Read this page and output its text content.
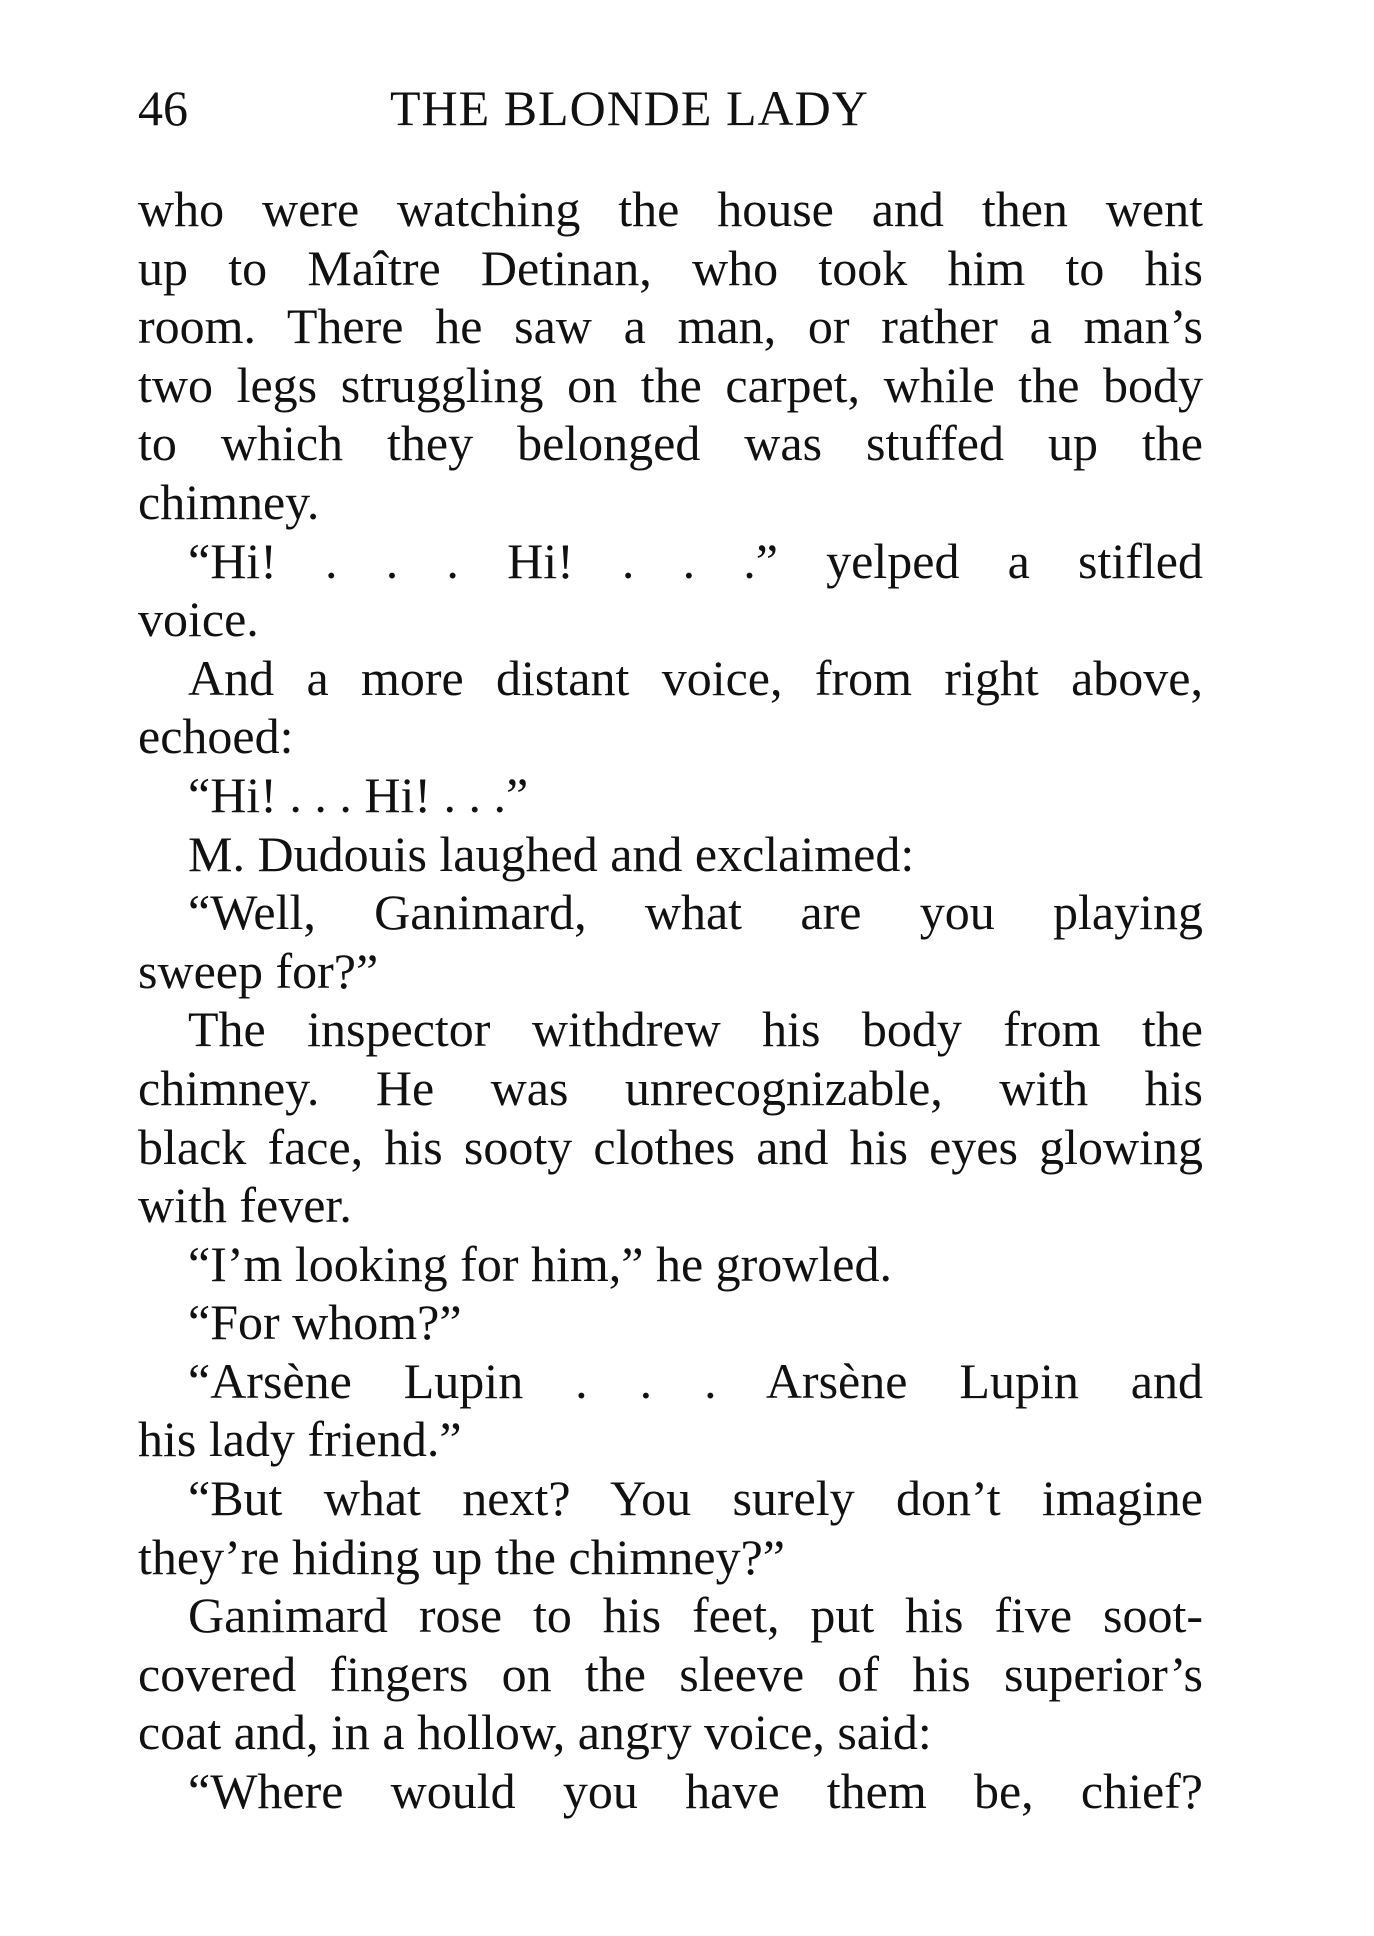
46	THE BLONDE LADY
who were watching the house and then went
up to Maître Detinan, who took him to his
room. There he saw a man, or rather a man’s
two legs struggling on the carpet, while the body
to which they belonged was stuffed up the
chimney.
“Hi! . . . Hi! . . .” yelped a stifled
voice.
And a more distant voice, from right above,
echoed:
“Hi! . . . Hi! . . .”
M. Dudouis laughed and exclaimed:
“Well, Ganimard, what are you playing
sweep for?”
The inspector withdrew his body from the
chimney. He was unrecognizable, with his
black face, his sooty clothes and his eyes glowing
with fever.
“I’m looking for him,” he growled.
“For whom?”
“Arsène Lupin . . . Arsène Lupin and
his lady friend.”
“But what next? You surely don’t imagine
they’re hiding up the chimney?”
Ganimard rose to his feet, put his five soot-
covered fingers on the sleeve of his superior’s
coat and, in a hollow, angry voice, said:
“Where would you have them be, chief?
